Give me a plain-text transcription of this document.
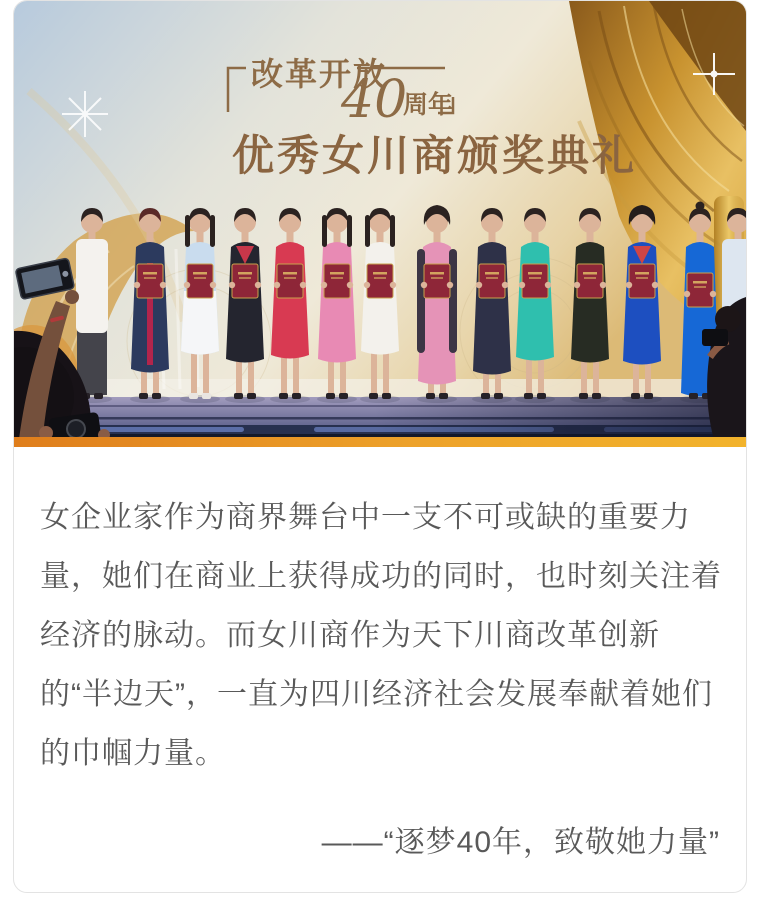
改革开放
40
周年
优秀女川商颁奖典礼
女企业家作为商界舞台中一支不可或缺的重要力
量，她们在商业上获得成功的同时，也时刻关注着
经济的脉动。而女川商作为天下川商改革创新
的“半边天”，一直为四川经济社会发展奉献着她们
的巾帼力量。
——“逐梦40年，致敬她力量”
